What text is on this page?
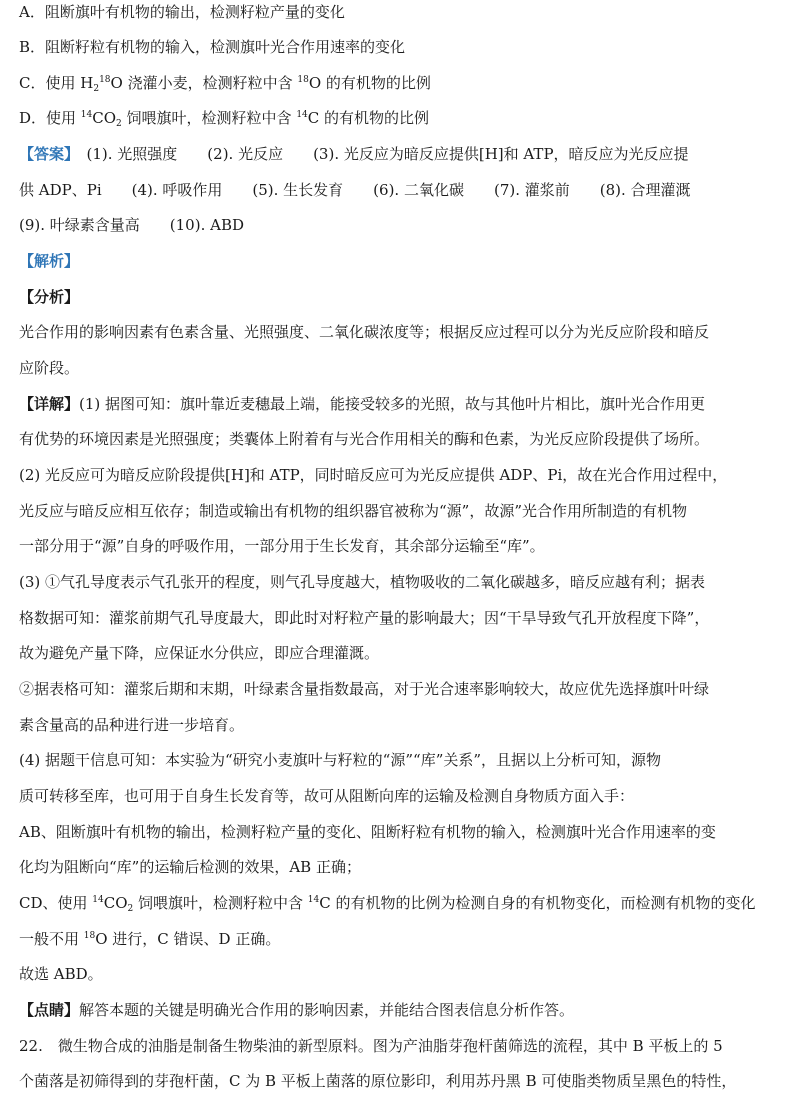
A．阻断旗叶有机物的输出，检测籽粒产量的变化
B．阻断籽粒有机物的输入，检测旗叶光合作用速率的变化
C．使用 $H_2^{18}O$ 浇灌小麦，检测籽粒中含 $^{18}$O 的有机物的比例
D．使用 $^{14}CO_2$ 饲喂旗叶，检测籽粒中含 $^{14}$C 的有机物的比例
【答案】　(1). 光照强度　　(2). 光反应　　(3). 光反应为暗反应提供[H]和 ATP，暗反应为光反应提
供 ADP、Pi　　(4). 呼吸作用　　(5). 生长发育　　(6). 二氧化碳　　(7). 灌浆前　　(8). 合理灌溉
(9). 叶绿素含量高　　(10). ABD
【解析】
【分析】
光合作用的影响因素有色素含量、光照强度、二氧化碳浓度等；根据反应过程可以分为光反应阶段和暗反
应阶段。
【详解】(1) 据图可知：旗叶靠近麦穗最上端，能接受较多的光照，故与其他叶片相比，旗叶光合作用更
有优势的环境因素是光照强度；类囊体上附着有与光合作用相关的酶和色素，为光反应阶段提供了场所。
(2) 光反应可为暗反应阶段提供[H]和 ATP，同时暗反应可为光反应提供 ADP、Pi，故在光合作用过程中，
光反应与暗反应相互依存；制造或输出有机物的组织器官被称为“源”，故源”光合作用所制造的有机物
一部分用于“源”自身的呼吸作用，一部分用于生长发育，其余部分运输至“库”。
(3) ①气孔导度表示气孔张开的程度，则气孔导度越大，植物吸收的二氧化碳越多，暗反应越有利；据表
格数据可知：灌浆前期气孔导度最大，即此时对籽粒产量的影响最大；因“干旱导致气孔开放程度下降”，
故为避免产量下降，应保证水分供应，即应合理灌溉。
②据表格可知：灌浆后期和末期，叶绿素含量指数最高，对于光合速率影响较大，故应优先选择旗叶叶绿
素含量高的品种进行进一步培育。
(4) 据题干信息可知：本实验为“研究小麦旗叶与籽粒的“源”“库”关系”，且据以上分析可知，源物
质可转移至库，也可用于自身生长发育等，故可从阻断向库的运输及检测自身物质方面入手：
AB、阻断旗叶有机物的输出，检测籽粒产量的变化、阻断籽粒有机物的输入，检测旗叶光合作用速率的变
化均为阻断向“库”的运输后检测的效果，AB 正确；
CD、使用 $^{14}CO_2$ 饲喂旗叶，检测籽粒中含 $^{14}$C 的有机物的比例为检测自身的有机物变化，而检测有机物的变化
一般不用 $^{18}$O 进行，C 错误、D 正确。
故选 ABD。
【点睛】解答本题的关键是明确光合作用的影响因素，并能结合图表信息分析作答。
22.　微生物合成的油脂是制备生物柴油的新型原料。图为产油脂芽孢杆菌筛选的流程，其中 B 平板上的 5
个菌落是初筛得到的芽孢杆菌，C 为 B 平板上菌落的原位影印，利用苏丹黑 B 可使脂类物质呈黑色的特性，
